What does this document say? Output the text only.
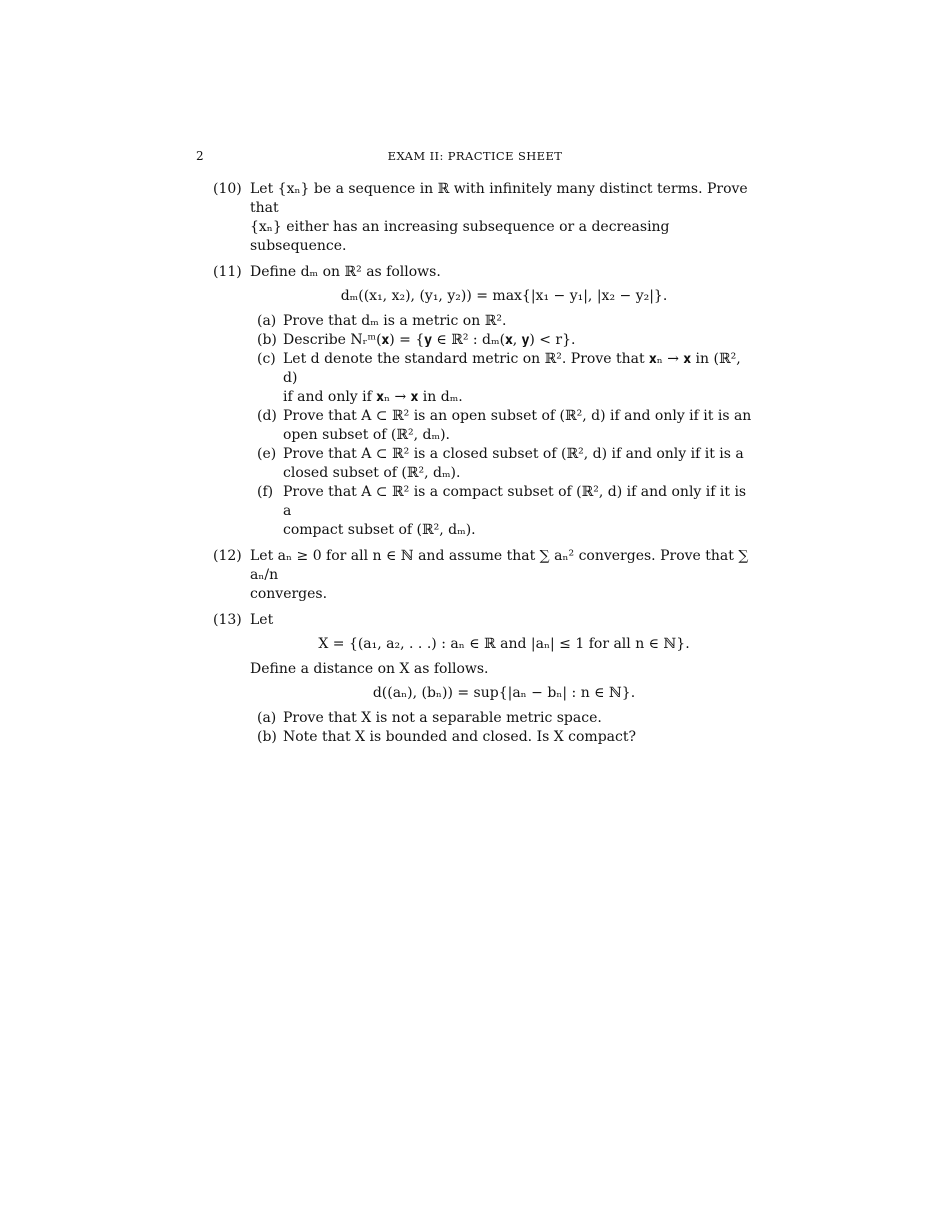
2	EXAM II: PRACTICE SHEET
(10) Let {xₙ} be a sequence in ℝ with infinitely many distinct terms. Prove that
{xₙ} either has an increasing subsequence or a decreasing subsequence.
(11) Define dₘ on ℝ² as follows.
dₘ((x₁, x₂), (y₁, y₂)) = max{|x₁ − y₁|, |x₂ − y₂|}.
(a) Prove that dₘ is a metric on ℝ².
(b) Describe Nᵣᵐ(𝐱) = {𝐲 ∈ ℝ² : dₘ(𝐱, 𝐲) < r}.
(c) Let d denote the standard metric on ℝ². Prove that 𝐱ₙ → 𝐱 in (ℝ², d)
if and only if 𝐱ₙ → 𝐱 in dₘ.
(d) Prove that A ⊂ ℝ² is an open subset of (ℝ², d) if and only if it is an
open subset of (ℝ², dₘ).
(e) Prove that A ⊂ ℝ² is a closed subset of (ℝ², d) if and only if it is a
closed subset of (ℝ², dₘ).
(f) Prove that A ⊂ ℝ² is a compact subset of (ℝ², d) if and only if it is a
compact subset of (ℝ², dₘ).
(12) Let aₙ ≥ 0 for all n ∈ ℕ and assume that ∑ aₙ² converges. Prove that ∑ aₙ/n
converges.
(13) Let
X = {(a₁, a₂, . . .) : aₙ ∈ ℝ and |aₙ| ≤ 1 for all n ∈ ℕ}.
Define a distance on X as follows.
d((aₙ), (bₙ)) = sup{|aₙ − bₙ| : n ∈ ℕ}.
(a) Prove that X is not a separable metric space.
(b) Note that X is bounded and closed. Is X compact?
